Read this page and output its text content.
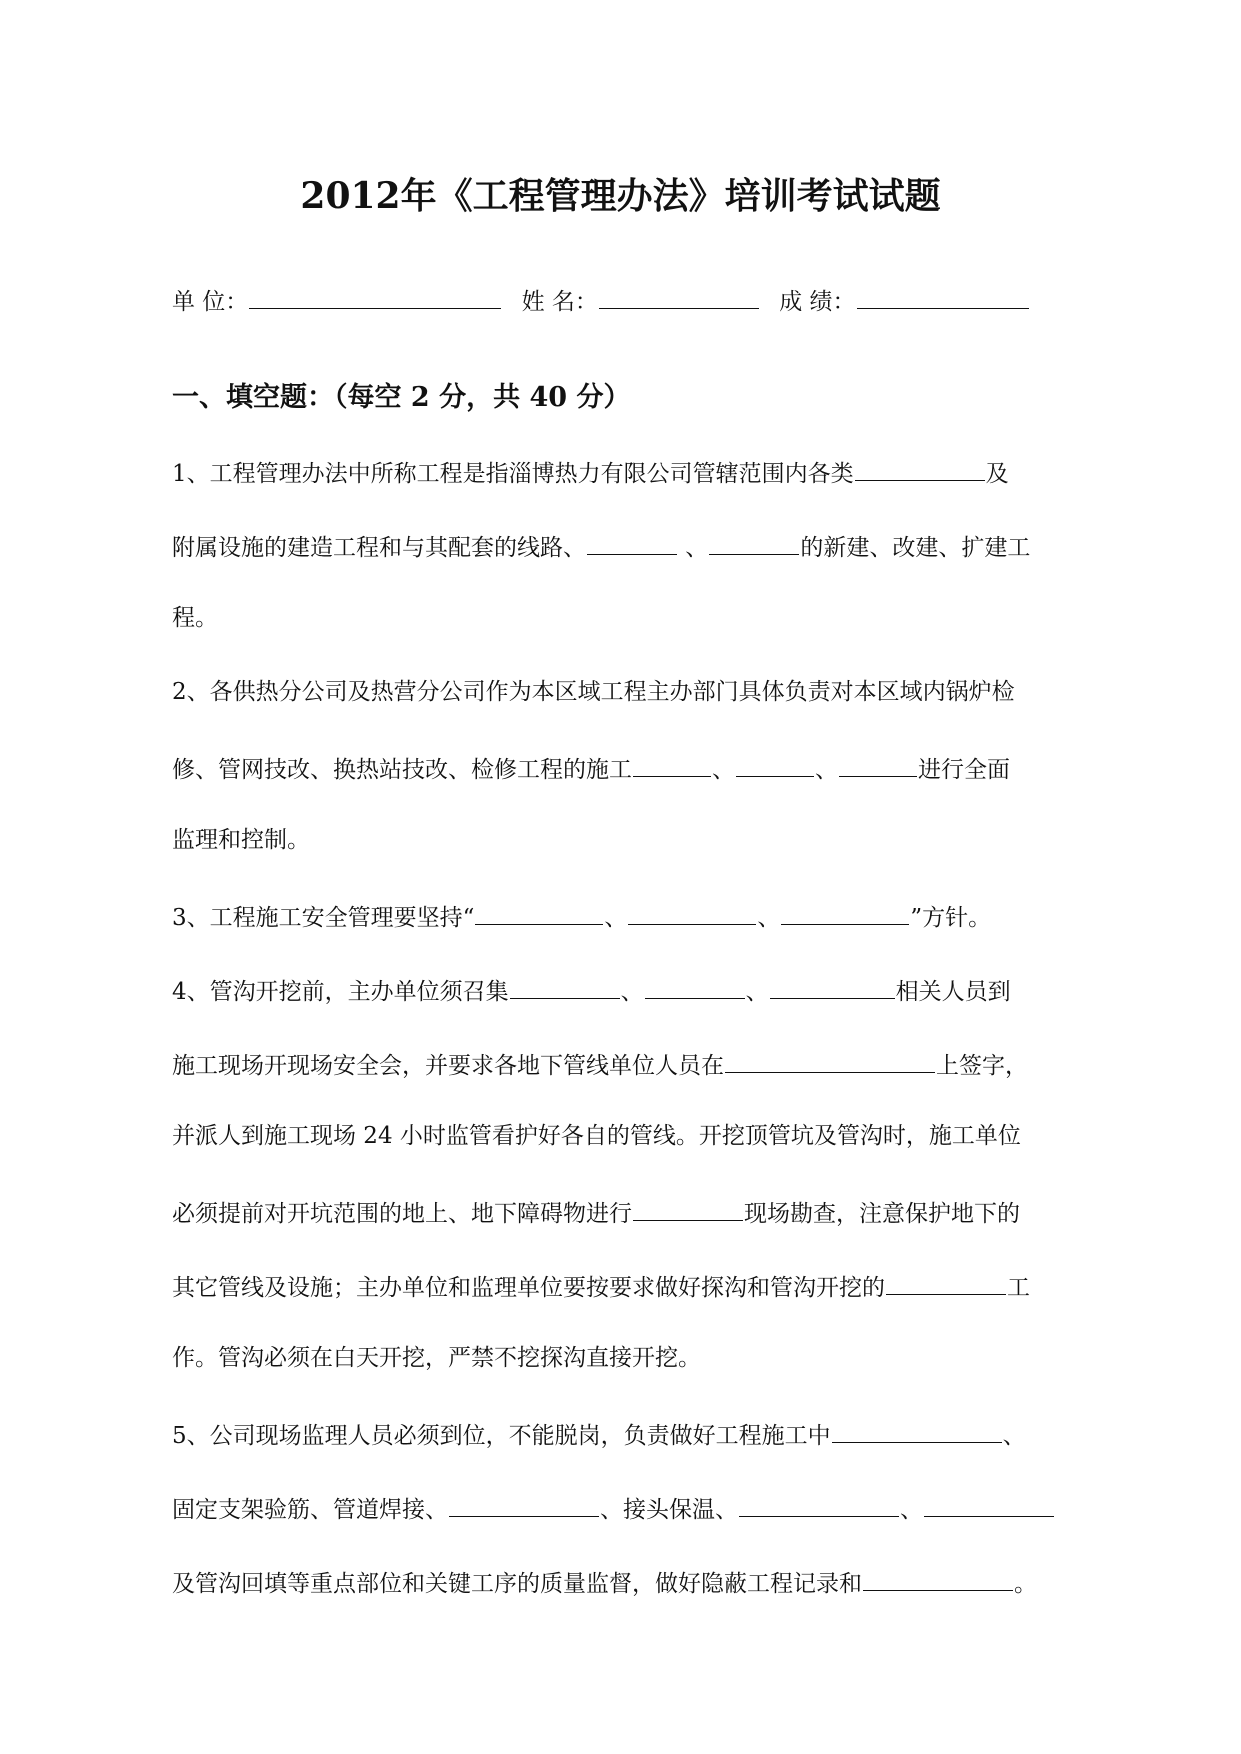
2012年《工程管理办法》培训考试试题
单 位：	姓 名：	成 绩：
一、填空题：（每空 2 分，共 40 分）
1、工程管理办法中所称工程是指淄博热力有限公司管辖范围内各类	及
附属设施的建造工程和与其配套的线路、	、	的新建、改建、扩建工
程。
2、各供热分公司及热营分公司作为本区域工程主办部门具体负责对本区域内锅炉检
修、管网技改、换热站技改、检修工程的施工	、	、	进行全面
监理和控制。
3、工程施工安全管理要坚持“	、	、	”方针。
4、管沟开挖前，主办单位须召集	、	、	相关人员到
施工现场开现场安全会，并要求各地下管线单位人员在	上签字，
并派人到施工现场 24 小时监管看护好各自的管线。开挖顶管坑及管沟时，施工单位
必须提前对开坑范围的地上、地下障碍物进行	现场勘查，注意保护地下的
其它管线及设施；主办单位和监理单位要按要求做好探沟和管沟开挖的	工
作。管沟必须在白天开挖，严禁不挖探沟直接开挖。
5、公司现场监理人员必须到位，不能脱岗，负责做好工程施工中	、
固定支架验筋、管道焊接、	、接头保温、	、
及管沟回填等重点部位和关键工序的质量监督，做好隐蔽工程记录和	。
